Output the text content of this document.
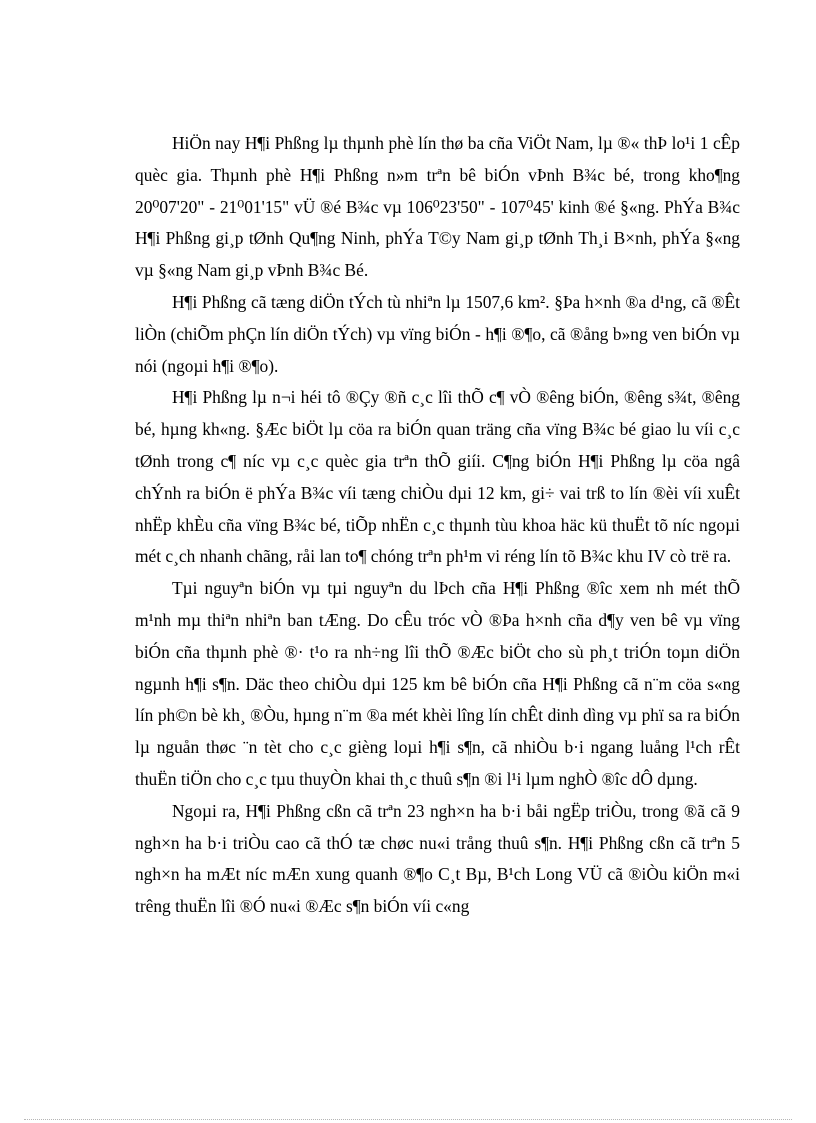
HiÖn nay H¶i Phßng lµ thµnh phè lín thø ba cña ViÖt Nam, lµ ®« thÞ lo¹i 1 cÊp quèc gia. Thµnh phè H¶i Phßng n»m trªn bê biÓn vÞnh B¾c bé, trong kho¶ng 20⁰07'20" - 21⁰01'15" vÜ ®é B¾c vµ 106⁰23'50" - 107⁰45' kinh ®é §«ng. PhÝa B¾c H¶i Phßng gi¸p tØnh Qu¶ng Ninh, phÝa T©y Nam gi¸p tØnh Th¸i B×nh, phÝa §«ng vµ §«ng Nam gi¸p vÞnh B¾c Bé.

H¶i Phßng cã tæng diÖn tÝch tù nhiªn lµ 1507,6 km². §Þa h×nh ®a d¹ng, cã ®Êt liÒn (chiÕm phÇn lín diÖn tÝch) vµ vïng biÓn - h¶i ®¶o, cã ®ång b»ng ven biÓn vµ nói (ngoµi h¶i ®¶o).

H¶i Phßng lµ n¬i héi tô ®Çy ®ñ c¸c lîi thÕ c¶ vÒ ®êng biÓn, ®êng s¾t, ®êng bé, hµng kh«ng. §Æc biÖt lµ cöa ra biÓn quan träng cña vïng B¾c bé giao lu víi c¸c tØnh trong c¶ níc vµ c¸c quèc gia trªn thÕ giíi. C¶ng biÓn H¶i Phßng lµ cöa ngâ chÝnh ra biÓn ë phÝa B¾c víi tæng chiÒu dµi 12 km, gi÷ vai trß to lín ®èi víi xuÊt nhËp khÈu cña vïng B¾c bé, tiÕp nhËn c¸c thµnh tùu khoa häc kü thuËt tõ níc ngoµi mét c¸ch nhanh chãng, råi lan to¶ chóng trªn ph¹m vi réng lín tõ B¾c khu IV cò trë ra.

Tµi nguyªn biÓn vµ tµi nguyªn du lÞch cña H¶i Phßng ®îc xem nh mét thÕ m¹nh mµ thiªn nhiªn ban tÆng. Do cÊu tróc vÒ ®Þa h×nh cña d¶y ven bê vµ vïng biÓn cña thµnh phè ®· t¹o ra nh÷ng lîi thÕ ®Æc biÖt cho sù ph¸t triÓn toµn diÖn ngµnh h¶i s¶n. Däc theo chiÒu dµi 125 km bê biÓn cña H¶i Phßng cã n¨m cöa s«ng lín ph©n bè kh¸ ®Òu, hµng n¨m ®a mét khèi lîng lín chÊt dinh dìng vµ phï sa ra biÓn lµ nguån thøc ¨n tèt cho c¸c gièng loµi h¶i s¶n, cã nhiÒu b·i ngang luång l¹ch rÊt thuËn tiÖn cho c¸c tµu thuyÒn khai th¸c thuû s¶n ®i l¹i lµm nghÒ ®îc dÔ dµng.

Ngoµi ra, H¶i Phßng cßn cã trªn 23 ngh×n ha b·i båi ngËp triÒu, trong ®ã cã 9 ngh×n ha b·i triÒu cao cã thÓ tæ chøc nu«i trång thuû s¶n. H¶i Phßng cßn cã trªn 5 ngh×n ha mÆt níc mÆn xung quanh ®¶o C¸t Bµ, B¹ch Long VÜ cã ®iÒu kiÖn m«i trêng thuËn lîi ®Ó nu«i ®Æc s¶n biÓn víi c«ng
